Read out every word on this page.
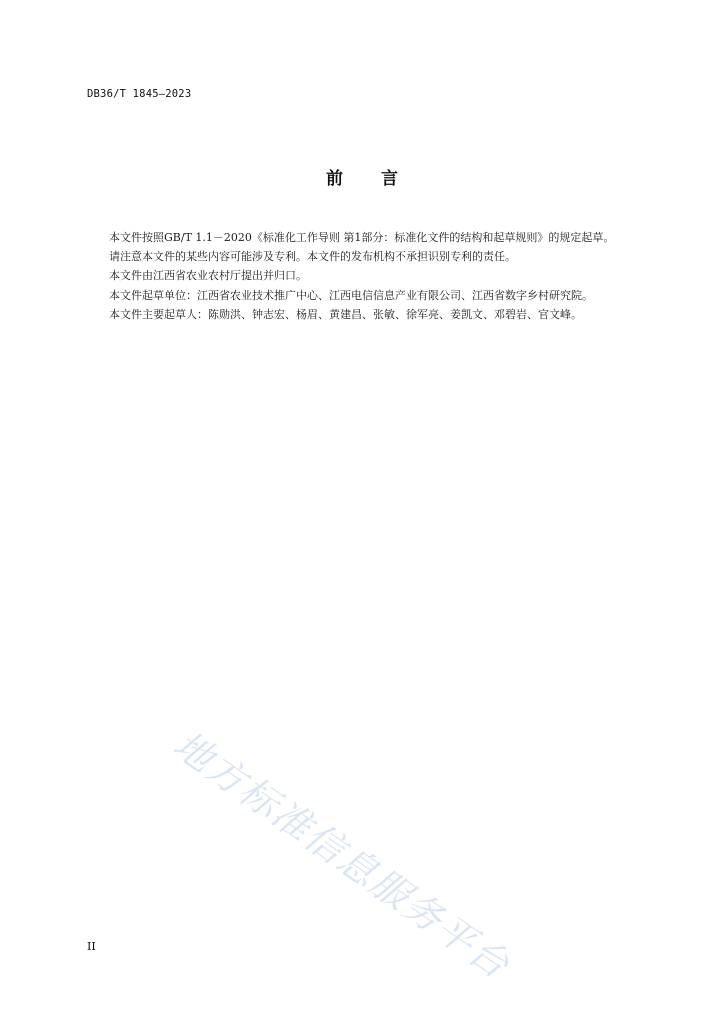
DB36/T 1845—2023
前 言

本文件按照GB/T 1.1－2020《标准化工作导则 第1部分：标准化文件的结构和起草规则》的规定起草。

请注意本文件的某些内容可能涉及专利。本文件的发布机构不承担识别专利的责任。

本文件由江西省农业农村厅提出并归口。

本文件起草单位：江西省农业技术推广中心、江西电信信息产业有限公司、江西省数字乡村研究院。

本文件主要起草人：陈勋洪、钟志宏、杨眉、黄建昌、张敏、徐军亮、姜凯文、邓碧岩、官文峰。

地方标准信息服务平台
II
